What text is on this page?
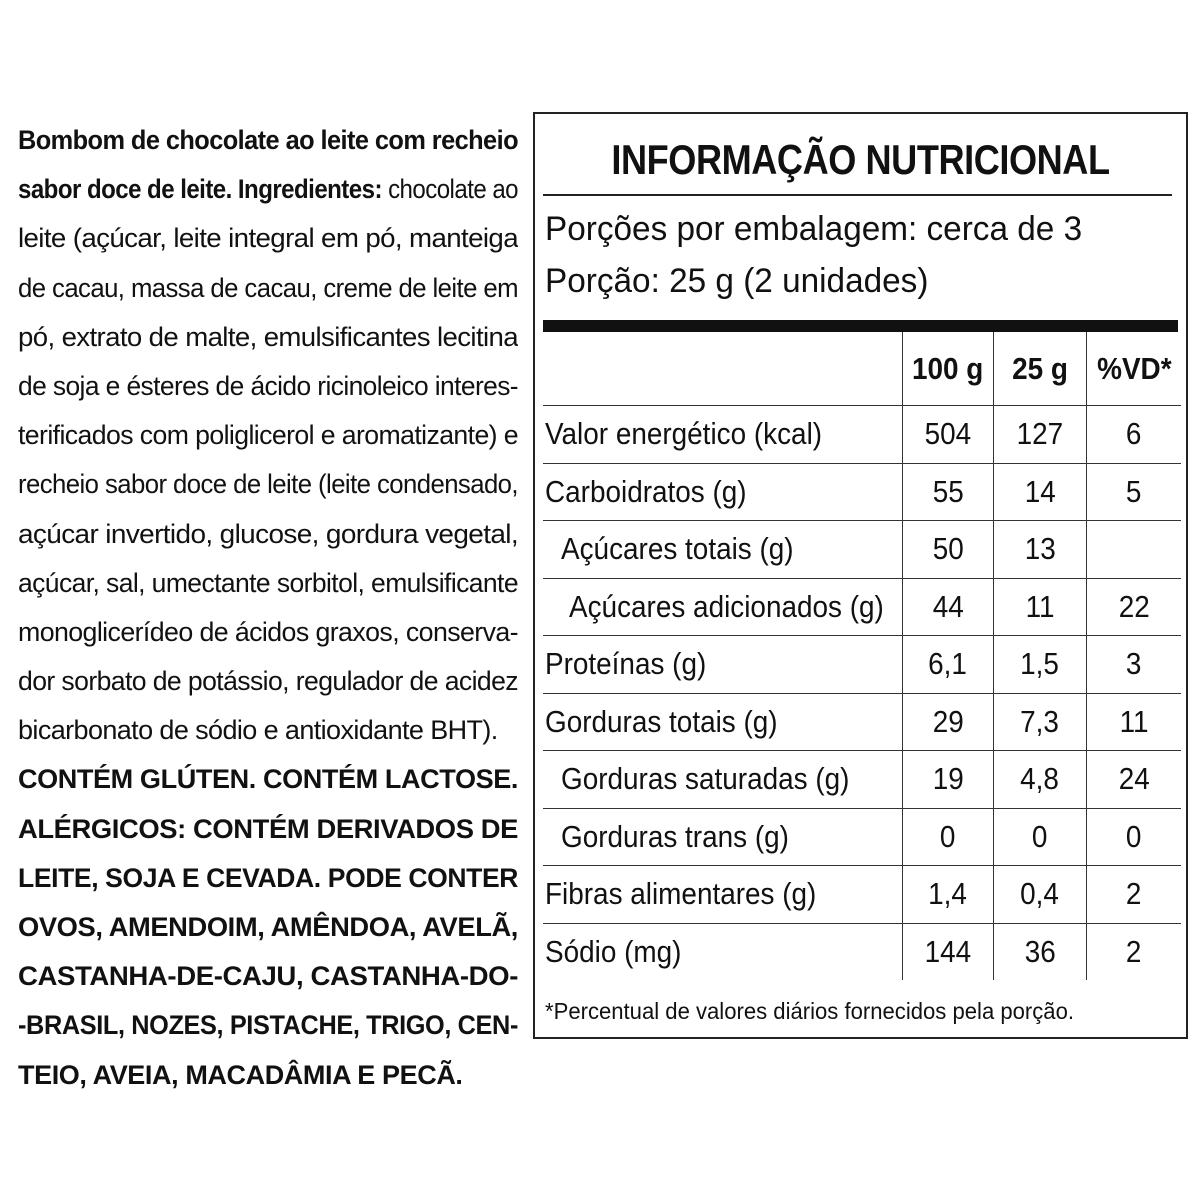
Bombom de chocolate ao leite com recheio
sabor doce de leite. Ingredientes: chocolate ao
leite (açúcar, leite integral em pó, manteiga
de cacau, massa de cacau, creme de leite em
pó, extrato de malte, emulsificantes lecitina
de soja e ésteres de ácido ricinoleico interes-
terificados com poliglicerol e aromatizante) e
recheio sabor doce de leite (leite condensado,
açúcar invertido, glucose, gordura vegetal,
açúcar, sal, umectante sorbitol, emulsificante
monoglicerídeo de ácidos graxos, conserva-
dor sorbato de potássio, regulador de acidez
bicarbonato de sódio e antioxidante BHT).
CONTÉM GLÚTEN. CONTÉM LACTOSE.
ALÉRGICOS: CONTÉM DERIVADOS DE
LEITE, SOJA E CEVADA. PODE CONTER
OVOS, AMENDOIM, AMÊNDOA, AVELÃ,
CASTANHA-DE-CAJU, CASTANHA-DO-
-BRASIL, NOZES, PISTACHE, TRIGO, CEN-
TEIO, AVEIA, MACADÂMIA E PECÃ.
INFORMAÇÃO NUTRICIONAL
Porções por embalagem: cerca de 3
Porção: 25 g (2 unidades)
	100 g	25 g	%VD*
Valor energético (kcal)	504	127	6
Carboidratos (g)	55	14	5
Açúcares totais (g)	50	13	
Açúcares adicionados (g)	44	11	22
Proteínas (g)	6,1	1,5	3
Gorduras totais (g)	29	7,3	11
Gorduras saturadas (g)	19	4,8	24
Gorduras trans (g)	0	0	0
Fibras alimentares (g)	1,4	0,4	2
Sódio (mg)	144	36	2
*Percentual de valores diários fornecidos pela porção.
